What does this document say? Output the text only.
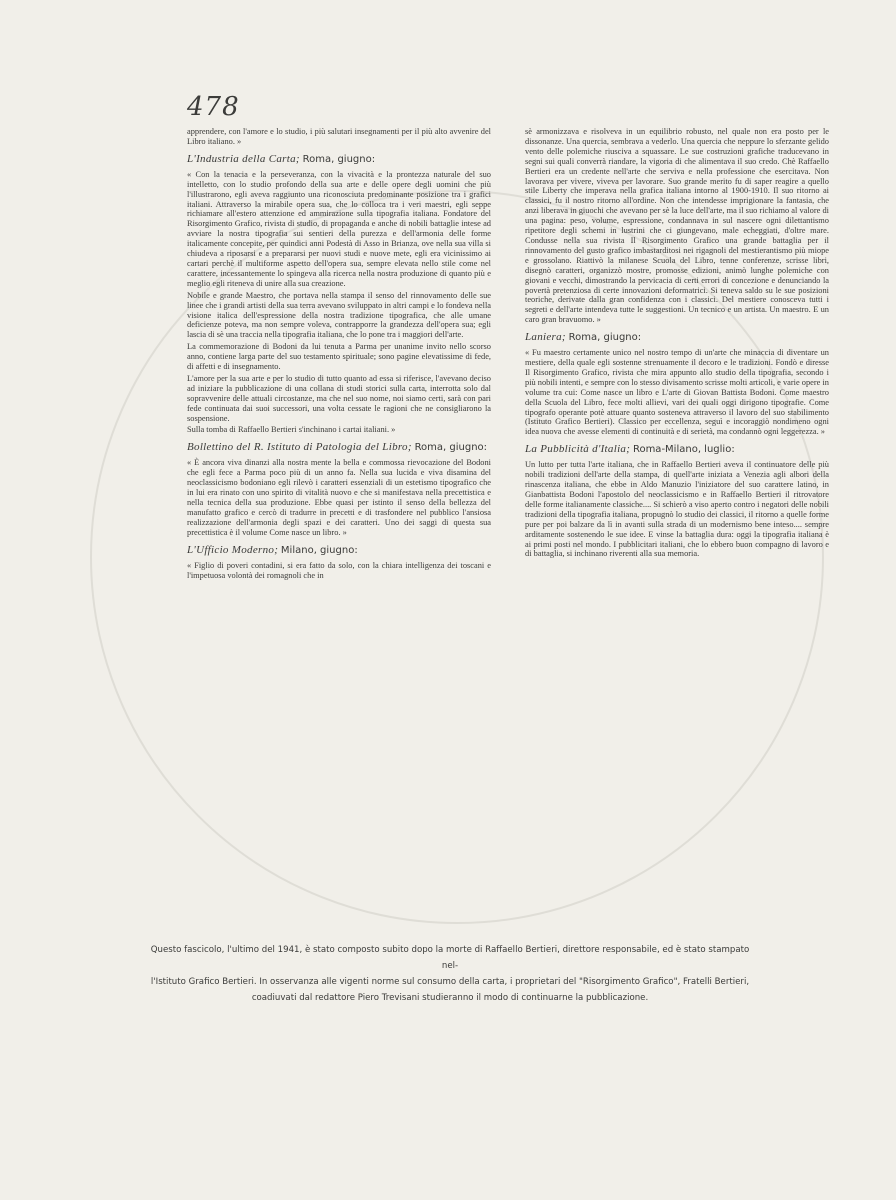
478

apprendere, con l'amore e lo studio, i più salutari insegnamenti per il più alto avvenire del Libro italiano. »

L'Industria della Carta; Roma, giugno:

« Con la tenacia e la perseveranza, con la vivacità e la prontezza naturale del suo intelletto, con lo studio profondo della sua arte e delle opere degli uomini che più l'illustrarono, egli aveva raggiunto una riconosciuta predominante posizione tra i grafici italiani. Attraverso la mirabile opera sua, che lo colloca tra i veri maestri, egli seppe richiamare all'estero attenzione ed ammirazione sulla tipografia italiana. Fondatore del Risorgimento Grafico, rivista di studio, di propaganda e anche di nobili battaglie intese ad avviare la nostra tipografia sui sentieri della purezza e dell'armonia delle forme italicamente concepite, per quindici anni Podestà di Asso in Brianza, ove nella sua villa si chiudeva a riposarsi e a prepararsi per nuovi studi e nuove mete, egli era vicinissimo ai cartari perchè il multiforme aspetto dell'opera sua, sempre elevata nello stile come nel carattere, incessantemente lo spingeva alla ricerca nella nostra produzione di quanto più e meglio egli riteneva di unire alla sua creazione.

Nobile e grande Maestro, che portava nella stampa il senso del rinnovamento delle sue linee che i grandi artisti della sua terra avevano sviluppato in altri campi e lo fondeva nella visione italica dell'espressione della nostra tradizione tipografica, che alle umane deficienze poteva, ma non sempre voleva, contrapporre la grandezza dell'opera sua; egli lascia di sè una traccia nella tipografia italiana, che lo pone tra i maggiori dell'arte.

La commemorazione di Bodoni da lui tenuta a Parma per unanime invito nello scorso anno, contiene larga parte del suo testamento spirituale; sono pagine elevatissime di fede, di affetti e di insegnamento.

L'amore per la sua arte e per lo studio di tutto quanto ad essa si riferisce, l'avevano deciso ad iniziare la pubblicazione di una collana di studi storici sulla carta, interrotta solo dal sopravvenire delle attuali circostanze, ma che nel suo nome, noi siamo certi, sarà con pari fede continuata dai suoi successori, una volta cessate le ragioni che ne consigliarono la sospensione.

Sulla tomba di Raffaello Bertieri s'inchinano i cartai italiani. »

Bollettino del R. Istituto di Patologia del Libro; Roma, giugno:

« È ancora viva dinanzi alla nostra mente la bella e commossa rievocazione del Bodoni che egli fece a Parma poco più di un anno fa. Nella sua lucida e viva disamina del neoclassicismo bodoniano egli rilevò i caratteri essenziali di un estetismo tipografico che in lui era rinato con uno spirito di vitalità nuovo e che si manifestava nella precettistica e nella tecnica della sua produzione. Ebbe quasi per istinto il senso della bellezza del manufatto grafico e cercò di tradurre in precetti e di trasfondere nel pubblico l'ansiosa realizzazione dell'armonia degli spazi e dei caratteri. Uno dei saggi di questa sua precettistica è il volume Come nasce un libro. »

L'Ufficio Moderno; Milano, giugno:

« Figlio di poveri contadini, si era fatto da solo, con la chiara intelligenza dei toscani e l'impetuosa volontà dei romagnoli che in

sè armonizzava e risolveva in un equilibrio robusto, nel quale non era posto per le dissonanze. Una quercia, sembrava a vederlo. Una quercia che neppure lo sferzante gelido vento delle polemiche riusciva a squassare. Le sue costruzioni grafiche traducevano in segni sui quali converrà riandare, la vigoria di che alimentava il suo credo. Chè Raffaello Bertieri era un credente nell'arte che serviva e nella professione che esercitava. Non lavorava per vivere, viveva per lavorare. Suo grande merito fu di saper reagire a quello stile Liberty che imperava nella grafica italiana intorno al 1900-1910. Il suo ritorno ai classici, fu il nostro ritorno all'ordine. Non che intendesse imprigionare la fantasia, che anzi liberava in giuochi che avevano per sè la luce dell'arte, ma il suo richiamo al valore di una pagina: peso, volume, espressione, condannava in sul nascere ogni dilettantismo ripetitore degli schemi in lustrini che ci giungevano, male echeggiati, d'oltre mare. Condusse nella sua rivista Il Risorgimento Grafico una grande battaglia per il rinnovamento del gusto grafico imbastarditosi nei rigagnoli del mestierantismo più miope e grossolano. Riattivò la milanese Scuola del Libro, tenne conferenze, scrisse libri, disegnò caratteri, organizzò mostre, promosse edizioni, animò lunghe polemiche con giovani e vecchi, dimostrando la pervicacia di certi errori di concezione e denunciando la povertà pretenziosa di certe innovazioni deformatrici. Si teneva saldo su le sue posizioni teoriche, derivate dalla gran confidenza con i classici. Del mestiere conosceva tutti i segreti e dell'arte intendeva tutte le suggestioni. Un tecnico e un artista. Un maestro. E un caro gran bravuomo. »

Laniera; Roma, giugno:

« Fu maestro certamente unico nel nostro tempo di un'arte che minaccia di diventare un mestiere, della quale egli sostenne strenuamente il decoro e le tradizioni. Fondò e diresse Il Risorgimento Grafico, rivista che mira appunto allo studio della tipografia, secondo i più nobili intenti, e sempre con lo stesso divisamento scrisse molti articoli, e varie opere in volume tra cui: Come nasce un libro e L'arte di Giovan Battista Bodoni. Come maestro della Scuola del Libro, fece molti allievi, vari dei quali oggi dirigono tipografie. Come tipografo operante potè attuare quanto sosteneva attraverso il lavoro del suo stabilimento (Istituto Grafico Bertieri). Classico per eccellenza, seguì e incoraggiò nondimeno ogni idea nuova che avesse elementi di continuità e di serietà, ma condannò ogni leggerezza. »

La Pubblicità d'Italia; Roma-Milano, luglio:

Un lutto per tutta l'arte italiana, che in Raffaello Bertieri aveva il continuatore delle più nobili tradizioni dell'arte della stampa, di quell'arte iniziata a Venezia agli albori della rinascenza italiana, che ebbe in Aldo Manuzio l'iniziatore del suo carattere latino, in Gianbattista Bodoni l'apostolo del neoclassicismo e in Raffaello Bertieri il ritrovatore delle forme italianamente classiche.... Si schierò a viso aperto contro i negatori delle nobili tradizioni della tipografia italiana, propugnò lo studio dei classici, il ritorno a quelle forme pure per poi balzare da lì in avanti sulla strada di un modernismo bene inteso.... sempre arditamente sostenendo le sue idee. E vinse la battaglia dura: oggi la tipografia italiana è ai primi posti nel mondo. I pubblicitari italiani, che lo ebbero buon compagno di lavoro e di battaglia, si inchinano riverenti alla sua memoria.

Questo fascicolo, l'ultimo del 1941, è stato composto subito dopo la morte di Raffaello Bertieri, direttore responsabile, ed è stato stampato nel-
l'Istituto Grafico Bertieri. In osservanza alle vigenti norme sul consumo della carta, i proprietari del "Risorgimento Grafico", Fratelli Bertieri,
coadiuvati dal redattore Piero Trevisani studieranno il modo di continuarne la pubblicazione.
